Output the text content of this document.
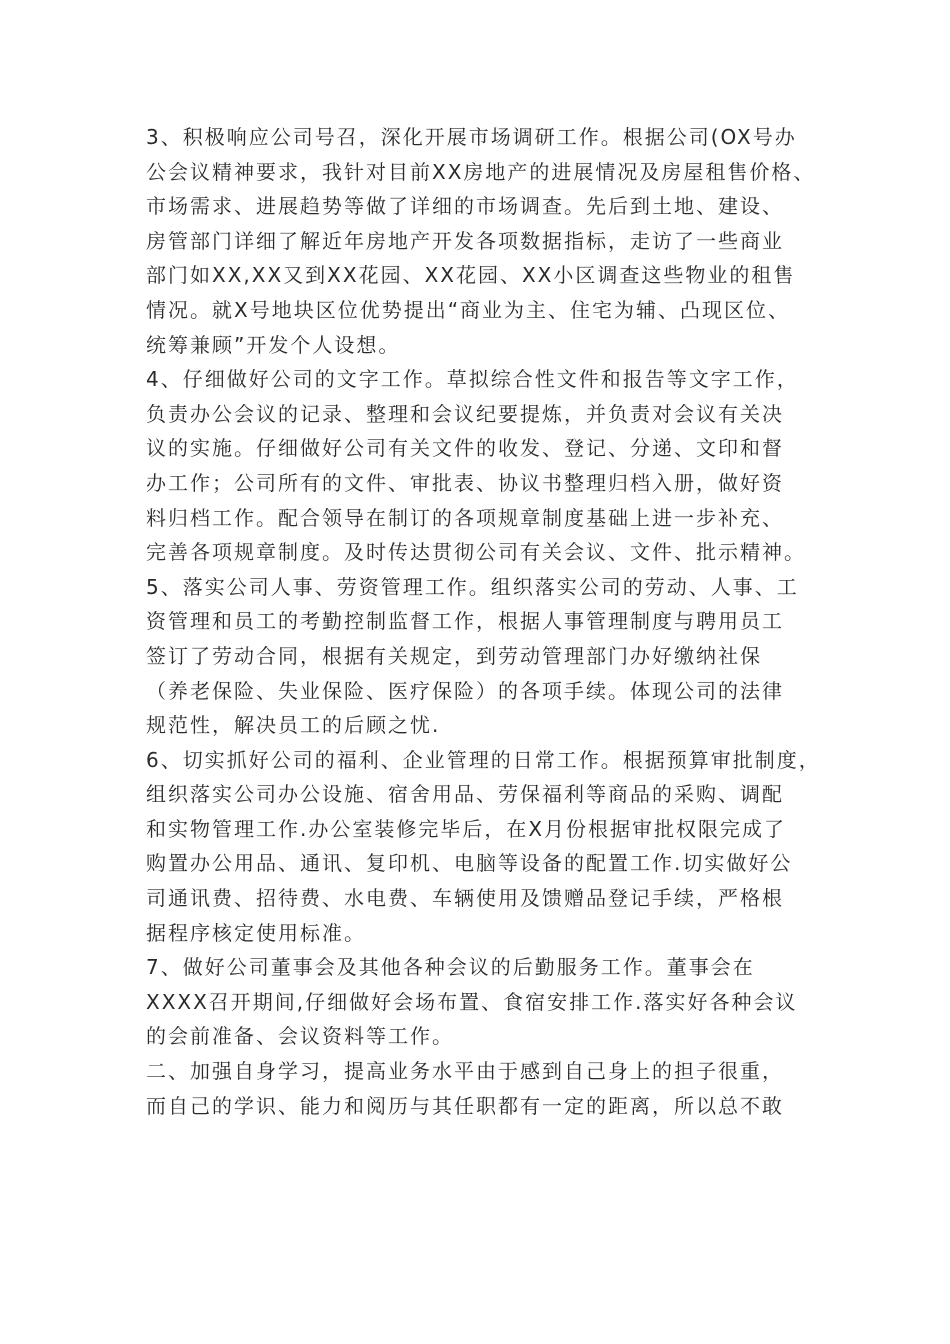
3、积极响应公司号召，深化开展市场调研工作。根据公司(OX号办
公会议精神要求，我针对目前XX房地产的进展情况及房屋租售价格、
市场需求、进展趋势等做了详细的市场调查。先后到土地、建设、
房管部门详细了解近年房地产开发各项数据指标，走访了一些商业
部门如XX,XX又到XX花园、XX花园、XX小区调查这些物业的租售
情况。就X号地块区位优势提出“商业为主、住宅为辅、凸现区位、
统筹兼顾”开发个人设想。
4、仔细做好公司的文字工作。草拟综合性文件和报告等文字工作，
负责办公会议的记录、整理和会议纪要提炼，并负责对会议有关决
议的实施。仔细做好公司有关文件的收发、登记、分递、文印和督
办工作；公司所有的文件、审批表、协议书整理归档入册，做好资
料归档工作。配合领导在制订的各项规章制度基础上进一步补充、
完善各项规章制度。及时传达贯彻公司有关会议、文件、批示精神。
5、落实公司人事、劳资管理工作。组织落实公司的劳动、人事、工
资管理和员工的考勤控制监督工作，根据人事管理制度与聘用员工
签订了劳动合同，根据有关规定，到劳动管理部门办好缴纳社保
（养老保险、失业保险、医疗保险）的各项手续。体现公司的法律
规范性，解决员工的后顾之忧.
6、切实抓好公司的福利、企业管理的日常工作。根据预算审批制度，
组织落实公司办公设施、宿舍用品、劳保福利等商品的采购、调配
和实物管理工作.办公室装修完毕后，在X月份根据审批权限完成了
购置办公用品、通讯、复印机、电脑等设备的配置工作.切实做好公
司通讯费、招待费、水电费、车辆使用及馈赠品登记手续，严格根
据程序核定使用标准。
7、做好公司董事会及其他各种会议的后勤服务工作。董事会在
XXXX召开期间,仔细做好会场布置、食宿安排工作.落实好各种会议
的会前准备、会议资料等工作。
二、加强自身学习，提高业务水平由于感到自己身上的担子很重，
而自己的学识、能力和阅历与其任职都有一定的距离，所以总不敢
